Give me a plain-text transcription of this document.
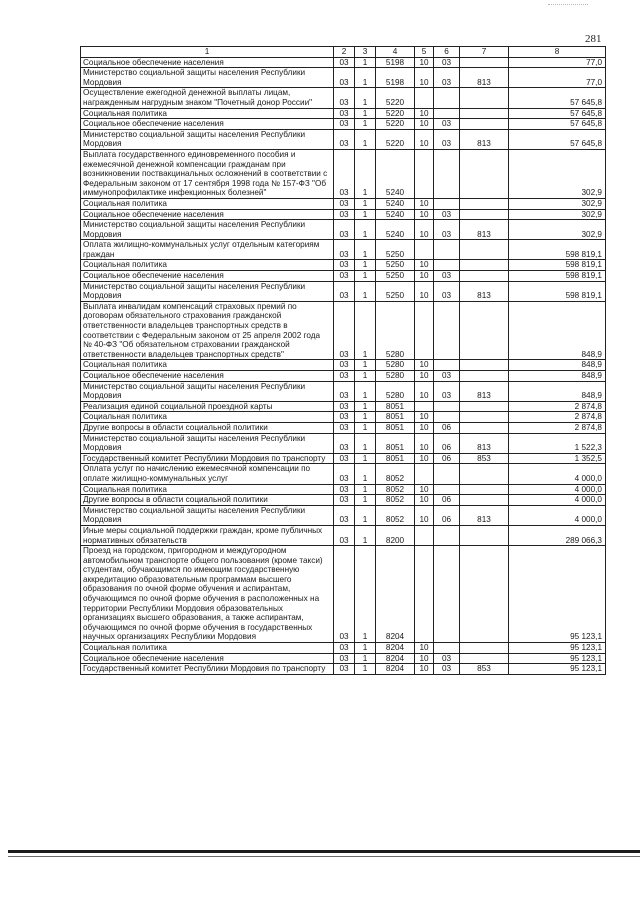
281
1	2	3	4	5	6	7	8
Социальное обеспечение населения	03	1	5198	10	03		77,0
Министерство социальной защиты населения Республики Мордовия	03	1	5198	10	03	813	77,0
Осуществление ежегодной денежной выплаты лицам, награжденным нагрудным знаком "Почетный донор России"	03	1	5220				57 645,8
Социальная политика	03	1	5220	10			57 645,8
Социальное обеспечение населения	03	1	5220	10	03		57 645,8
Министерство социальной защиты населения Республики Мордовия	03	1	5220	10	03	813	57 645,8
Выплата государственного единовременного пособия и ежемесячной денежной компенсации гражданам при возникновении поствакцинальных осложнений в соответствии с Федеральным законом от 17 сентября 1998 года № 157-ФЗ "Об иммунопрофилактике инфекционных болезней"	03	1	5240				302,9
Социальная политика	03	1	5240	10			302,9
Социальное обеспечение населения	03	1	5240	10	03		302,9
Министерство социальной защиты населения Республики Мордовия	03	1	5240	10	03	813	302,9
Оплата жилищно-коммунальных услуг отдельным категориям граждан	03	1	5250				598 819,1
Социальная политика	03	1	5250	10			598 819,1
Социальное обеспечение населения	03	1	5250	10	03		598 819,1
Министерство социальной защиты населения Республики Мордовия	03	1	5250	10	03	813	598 819,1
Выплата инвалидам компенсаций страховых премий по договорам обязательного страхования гражданской ответственности владельцев транспортных средств в соответствии с Федеральным законом от 25 апреля 2002 года № 40-ФЗ "Об обязательном страховании гражданской ответственности владельцев транспортных средств"	03	1	5280				848,9
Социальная политика	03	1	5280	10			848,9
Социальное обеспечение населения	03	1	5280	10	03		848,9
Министерство социальной защиты населения Республики Мордовия	03	1	5280	10	03	813	848,9
Реализация единой социальной проездной карты	03	1	8051				2 874,8
Социальная политика	03	1	8051	10			2 874,8
Другие вопросы в области социальной политики	03	1	8051	10	06		2 874,8
Министерство социальной защиты населения Республики Мордовия	03	1	8051	10	06	813	1 522,3
Государственный комитет Республики Мордовия по транспорту	03	1	8051	10	06	853	1 352,5
Оплата услуг по начислению ежемесячной компенсации по оплате жилищно-коммунальных услуг	03	1	8052				4 000,0
Социальная политика	03	1	8052	10			4 000,0
Другие вопросы в области социальной политики	03	1	8052	10	06		4 000,0
Министерство социальной защиты населения Республики Мордовия	03	1	8052	10	06	813	4 000,0
Иные меры социальной поддержки граждан, кроме публичных нормативных обязательств	03	1	8200				289 066,3
Проезд на городском, пригородном и междугородном автомобильном транспорте общего пользования (кроме такси) студентам, обучающимся по имеющим государственную аккредитацию образовательным программам высшего образования по очной форме обучения и аспирантам, обучающимся по очной форме обучения в расположенных на территории Республики Мордовия образовательных организациях высшего образования, а также аспирантам, обучающимся по очной форме обучения в государственных научных организациях Республики Мордовия	03	1	8204				95 123,1
Социальная политика	03	1	8204	10			95 123,1
Социальное обеспечение населения	03	1	8204	10	03		95 123,1
Государственный комитет Республики Мордовия по транспорту	03	1	8204	10	03	853	95 123,1
